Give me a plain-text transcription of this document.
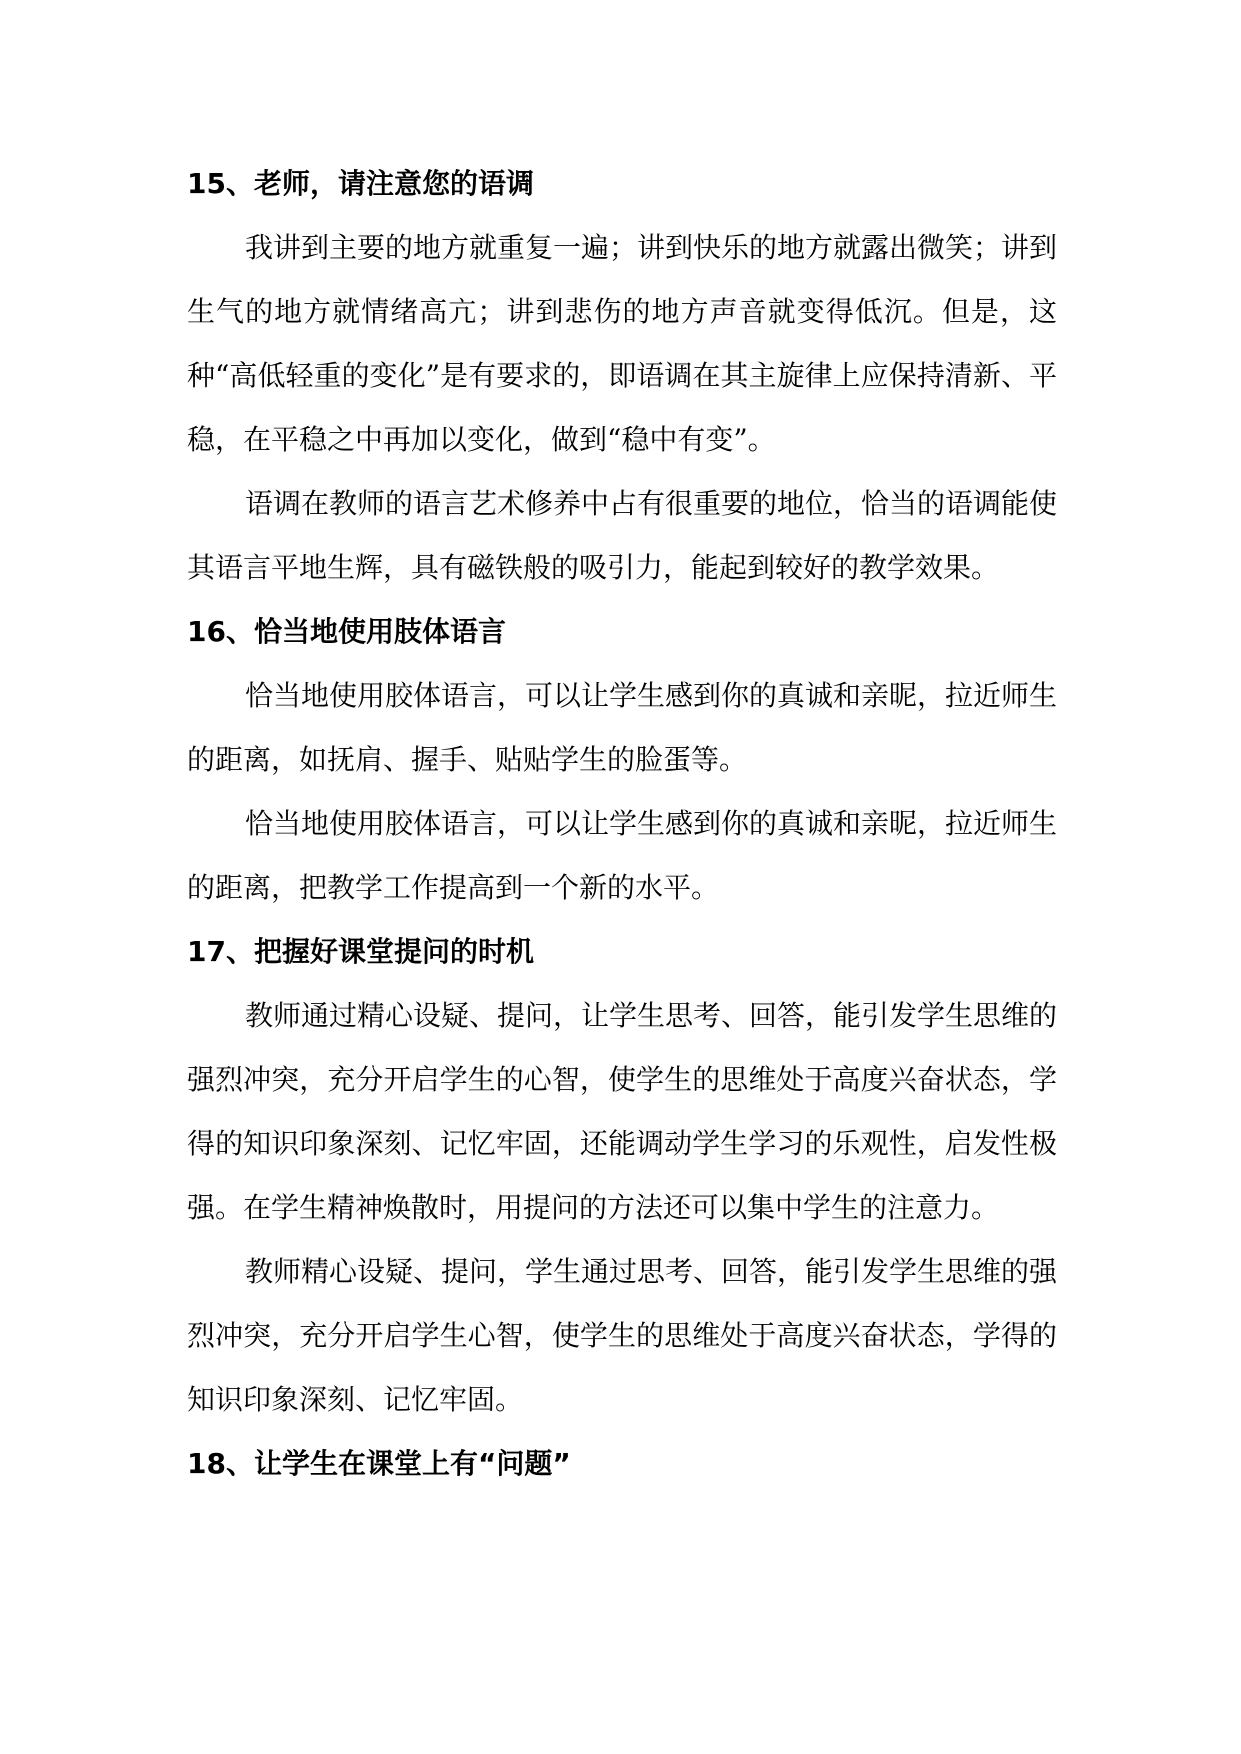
15、老师，请注意您的语调

我讲到主要的地方就重复一遍；讲到快乐的地方就露出微笑；讲到生气的地方就情绪高亢；讲到悲伤的地方声音就变得低沉。但是，这种“高低轻重的变化”是有要求的，即语调在其主旋律上应保持清新、平稳，在平稳之中再加以变化，做到“稳中有变”。

语调在教师的语言艺术修养中占有很重要的地位，恰当的语调能使其语言平地生辉，具有磁铁般的吸引力，能起到较好的教学效果。

16、恰当地使用肢体语言

恰当地使用胶体语言，可以让学生感到你的真诚和亲昵，拉近师生的距离，如抚肩、握手、贴贴学生的脸蛋等。

恰当地使用胶体语言，可以让学生感到你的真诚和亲昵，拉近师生的距离，把教学工作提高到一个新的水平。

17、把握好课堂提问的时机

教师通过精心设疑、提问，让学生思考、回答，能引发学生思维的强烈冲突，充分开启学生的心智，使学生的思维处于高度兴奋状态，学得的知识印象深刻、记忆牢固，还能调动学生学习的乐观性，启发性极强。在学生精神焕散时，用提问的方法还可以集中学生的注意力。

教师精心设疑、提问，学生通过思考、回答，能引发学生思维的强烈冲突，充分开启学生心智，使学生的思维处于高度兴奋状态，学得的知识印象深刻、记忆牢固。

18、让学生在课堂上有“问题”
